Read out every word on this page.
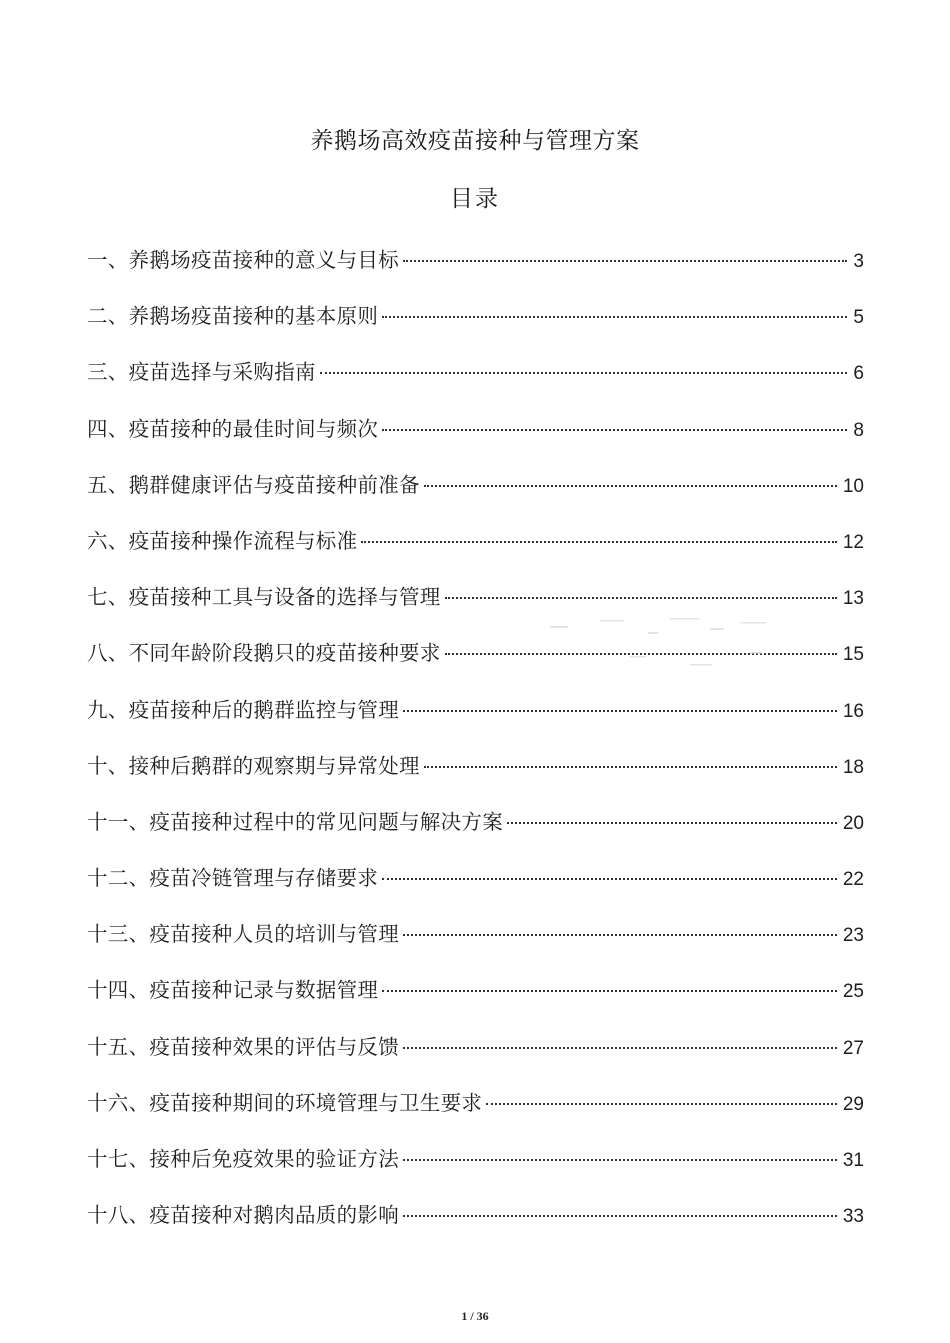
养鹅场高效疫苗接种与管理方案
目录
一、养鹅场疫苗接种的意义与目标	3
二、养鹅场疫苗接种的基本原则	5
三、疫苗选择与采购指南	6
四、疫苗接种的最佳时间与频次	8
五、鹅群健康评估与疫苗接种前准备	10
六、疫苗接种操作流程与标准	12
七、疫苗接种工具与设备的选择与管理	13
八、不同年龄阶段鹅只的疫苗接种要求	15
九、疫苗接种后的鹅群监控与管理	16
十、接种后鹅群的观察期与异常处理	18
十一、疫苗接种过程中的常见问题与解决方案	20
十二、疫苗冷链管理与存储要求	22
十三、疫苗接种人员的培训与管理	23
十四、疫苗接种记录与数据管理	25
十五、疫苗接种效果的评估与反馈	27
十六、疫苗接种期间的环境管理与卫生要求	29
十七、接种后免疫效果的验证方法	31
十八、疫苗接种对鹅肉品质的影响	33
1 / 36
